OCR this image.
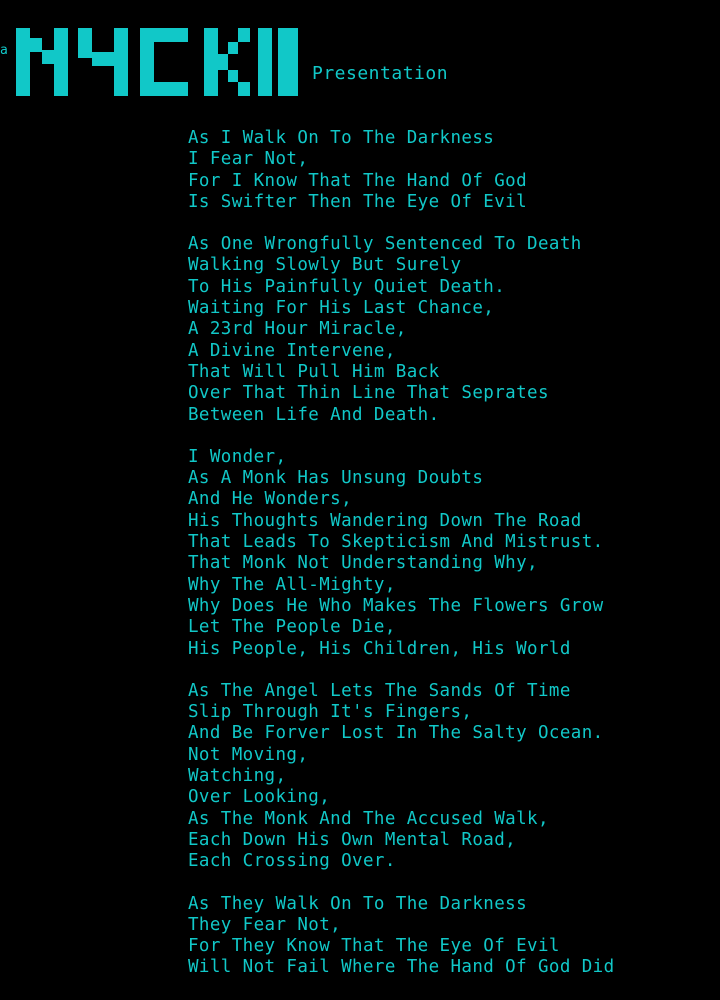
a
Presentation
As I Walk On To The Darkness
I Fear Not,
For I Know That The Hand Of God
Is Swifter Then The Eye Of Evil
As One Wrongfully Sentenced To Death
Walking Slowly But Surely
To His Painfully Quiet Death.
Waiting For His Last Chance,
A 23rd Hour Miracle,
A Divine Intervene,
That Will Pull Him Back
Over That Thin Line That Seprates
Between Life And Death.
I Wonder,
As A Monk Has Unsung Doubts
And He Wonders,
His Thoughts Wandering Down The Road
That Leads To Skepticism And Mistrust.
That Monk Not Understanding Why,
Why The All-Mighty,
Why Does He Who Makes The Flowers Grow
Let The People Die,
His People, His Children, His World
As The Angel Lets The Sands Of Time
Slip Through It's Fingers,
And Be Forver Lost In The Salty Ocean.
Not Moving,
Watching,
Over Looking,
As The Monk And The Accused Walk,
Each Down His Own Mental Road,
Each Crossing Over.
As They Walk On To The Darkness
They Fear Not,
For They Know That The Eye Of Evil
Will Not Fail Where The Hand Of God Did
